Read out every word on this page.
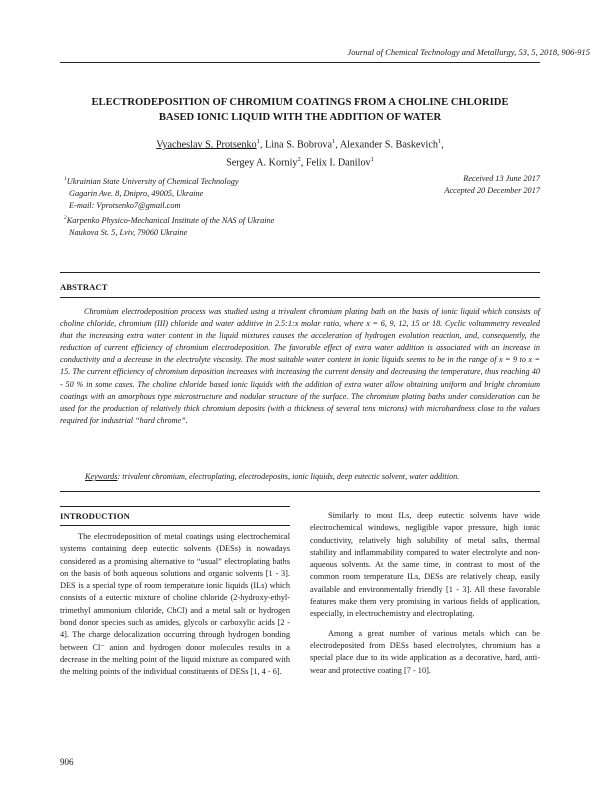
Journal of Chemical Technology and Metallurgy, 53, 5, 2018, 906-915
ELECTRODEPOSITION OF CHROMIUM COATINGS FROM A CHOLINE CHLORIDE
BASED IONIC LIQUID WITH THE ADDITION OF WATER
Vyacheslav S. Protsenko$^1$, Lina S. Bobrova$^1$, Alexander S. Baskevich$^1$,
Sergey A. Korniy$^2$, Felix I. Danilov$^1$
$^1$Ukrainian State University of Chemical Technology
Gagarin Ave. 8, Dnipro, 49005, Ukraine
E-mail: Vprotsenko7@gmail.com
$^2$Karpenko Physico-Mechanical Institute of the NAS of Ukraine
Naukova St. 5, Lviv, 79060 Ukraine
Received 13 June 2017
Accepted 20 December 2017
ABSTRACT
Chromium electrodeposition process was studied using a trivalent chromium plating bath on the basis of ionic liquid which consists of choline chloride, chromium (III) chloride and water additive in 2.5:1:x molar ratio, where x = 6, 9, 12, 15 or 18. Cyclic voltammetry revealed that the increasing extra water content in the liquid mixtures causes the acceleration of hydrogen evolution reaction, and, consequently, the reduction of current efficiency of chromium electrodeposition. The favorable effect of extra water addition is associated with an increase in conductivity and a decrease in the electrolyte viscosity. The most suitable water content in ionic liquids seems to be in the range of x = 9 to x = 15. The current efficiency of chromium deposition increases with increasing the current density and decreasing the temperature, thus reaching 40 - 50 % in some cases. The choline chloride based ionic liquids with the addition of extra water allow obtaining uniform and bright chromium coatings with an amorphous type microstructure and nodular structure of the surface. The chromium plating baths under consideration can be used for the production of relatively thick chromium deposits (with a thickness of several tens microns) with microhardness close to the values required for industrial “hard chrome”.
Keywords: trivalent chromium, electroplating, electrodeposits, ionic liquids, deep eutectic solvent, water addition.
INTRODUCTION

The electrodeposition of metal coatings using electrochemical systems containing deep eutectic solvents (DESs) is nowadays considered as a promising alternative to “usual” electroplating baths on the basis of both aqueous solutions and organic solvents [1 - 3]. DES is a special type of room temperature ionic liquids (ILs) which consists of a eutectic mixture of choline chloride (2-hydroxy-ethyl-trimethyl ammonium chloride, ChCl) and a metal salt or hydrogen bond donor species such as amides, glycols or carboxylic acids [2 - 4]. The charge delocalization occurring through hydrogen bonding between Cl⁻ anion and hydrogen donor molecules results in a decrease in the melting point of the liquid mixture as compared with the melting points of the individual constituents of DESs [1, 4 - 6].

Similarly to most ILs, deep eutectic solvents have wide electrochemical windows, negligible vapor pressure, high ionic conductivity, relatively high solubility of metal salts, thermal stability and inflammability compared to water electrolyte and non-aqueous solvents. At the same time, in contrast to most of the common room temperature ILs, DESs are relatively cheap, easily available and environmentally friendly [1 - 3]. All these favorable features make them very promising in various fields of application, especially, in electrochemistry and electroplating.

Among a great number of various metals which can be electrodeposited from DESs based electrolytes, chromium has a special place due to its wide application as a decorative, hard, anti-wear and protective coating [7 - 10].

906
